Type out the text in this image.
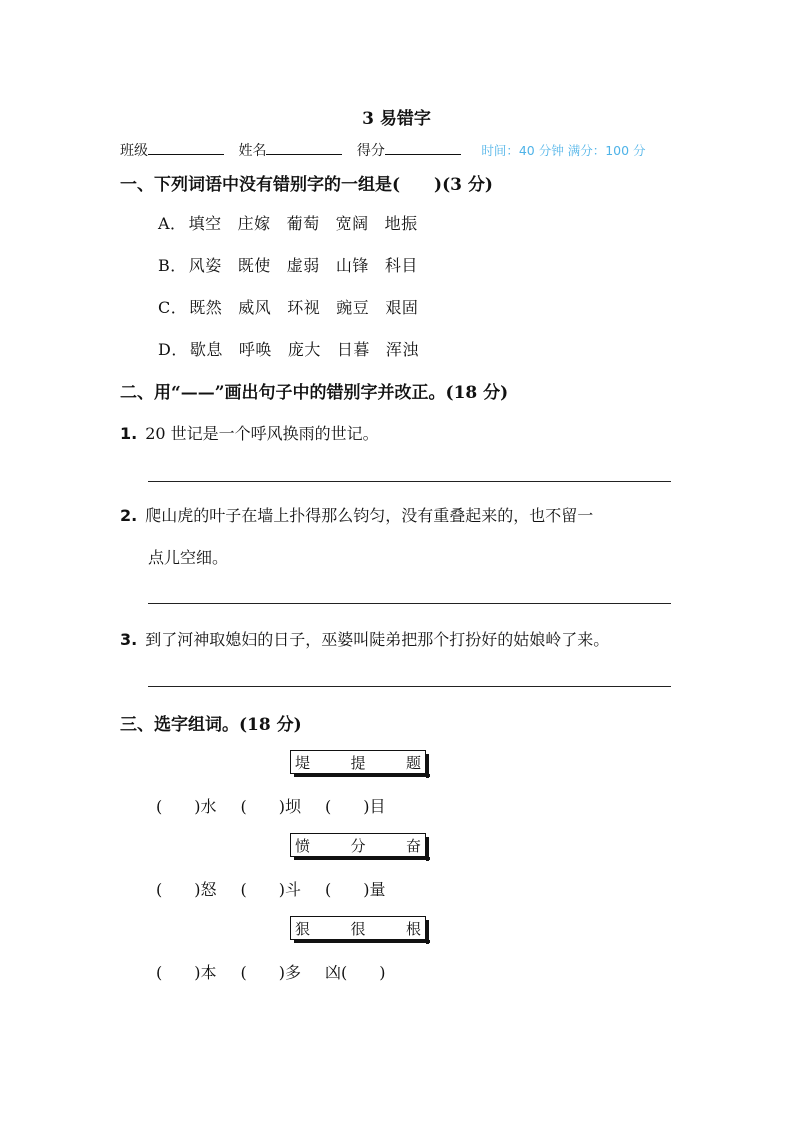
3 易错字
班级	姓名	得分	时间：40 分钟 满分：100 分
一、下列词语中没有错别字的一组是(　　)(3 分)
A． 填空 庄嫁 葡萄 宽阔 地振
B． 风姿 既使 虚弱 山锋 科目
C． 既然 威风 环视 豌豆 艰固
D． 歇息 呼唤 庞大 日暮 浑浊
二、用“——”画出句子中的错别字并改正。(18 分)
1. 20 世记是一个呼风换雨的世记。
2. 爬山虎的叶子在墙上扑得那么钧匀，没有重叠起来的，也不留一
点儿空细。
3. 到了河神取媳妇的日子，巫婆叫陡弟把那个打扮好的姑娘岭了来。
三、选字组词。(18 分)
堤	提	题
(　　)水 (　　)坝 (　　)目
愤	分	奋
(　　)怒 (　　)斗 (　　)量
狠	很	根
(　　)本 (　　)多 凶(　　)
